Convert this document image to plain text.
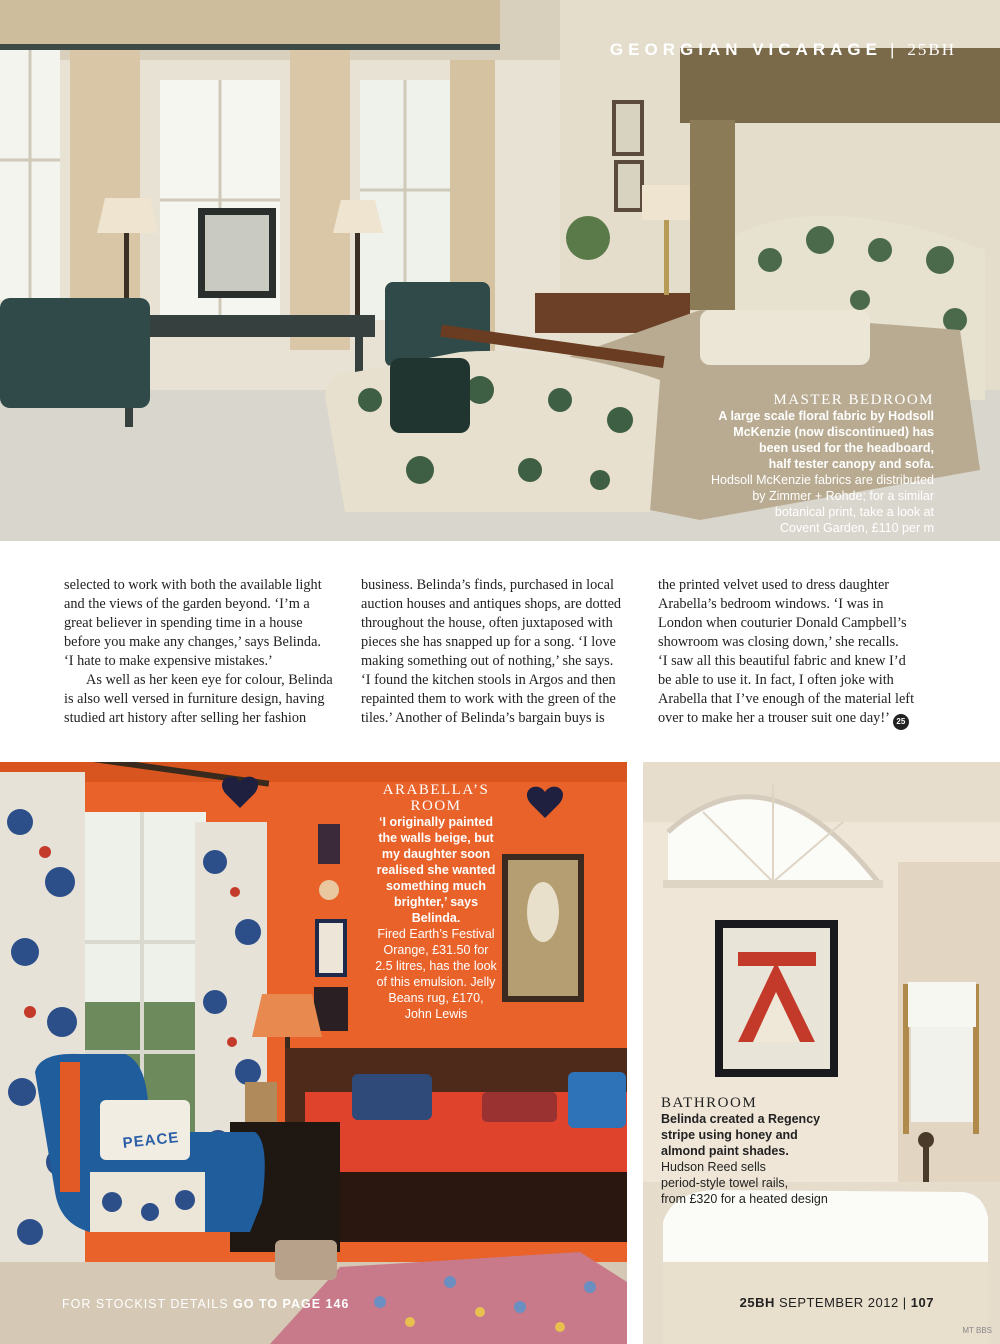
GEORGIAN VICARAGE | 25BH
MASTER BEDROOM
A large scale floral fabric by Hodsoll
McKenzie (now discontinued) has
been used for the headboard,
half tester canopy and sofa.
Hodsoll McKenzie fabrics are distributed
by Zimmer + Rohde; for a similar
botanical print, take a look at
Covent Garden, £110 per m

selected to work with both the available light
and the views of the garden beyond. ‘I’m a
great believer in spending time in a house
before you make any changes,’ says Belinda.
‘I hate to make expensive mistakes.’

As well as her keen eye for colour, Belinda
is also well versed in furniture design, having
studied art history after selling her fashion

business. Belinda’s finds, purchased in local
auction houses and antiques shops, are dotted
throughout the house, often juxtaposed with
pieces she has snapped up for a song. ‘I love
making something out of nothing,’ she says.
‘I found the kitchen stools in Argos and then
repainted them to work with the green of the
tiles.’ Another of Belinda’s bargain buys is

the printed velvet used to dress daughter
Arabella’s bedroom windows. ‘I was in
London when couturier Donald Campbell’s
showroom was closing down,’ she recalls.
‘I saw all this beautiful fabric and knew I’d
be able to use it. In fact, I often joke with
Arabella that I’ve enough of the material left
over to make her a trouser suit one day!’ 25

PEACE
ARABELLA’S
ROOM
‘I originally painted
the walls beige, but
my daughter soon
realised she wanted
something much
brighter,’ says
Belinda.
Fired Earth’s Festival
Orange, £31.50 for
2.5 litres, has the look
of this emulsion. Jelly
Beans rug, £170,
John Lewis
BATHROOM
Belinda created a Regency
stripe using honey and
almond paint shades.
Hudson Reed sells
period-style towel rails,
from £320 for a heated design
FOR STOCKIST DETAILS GO TO PAGE 146	25BH SEPTEMBER 2012 | 107
MT BBS
